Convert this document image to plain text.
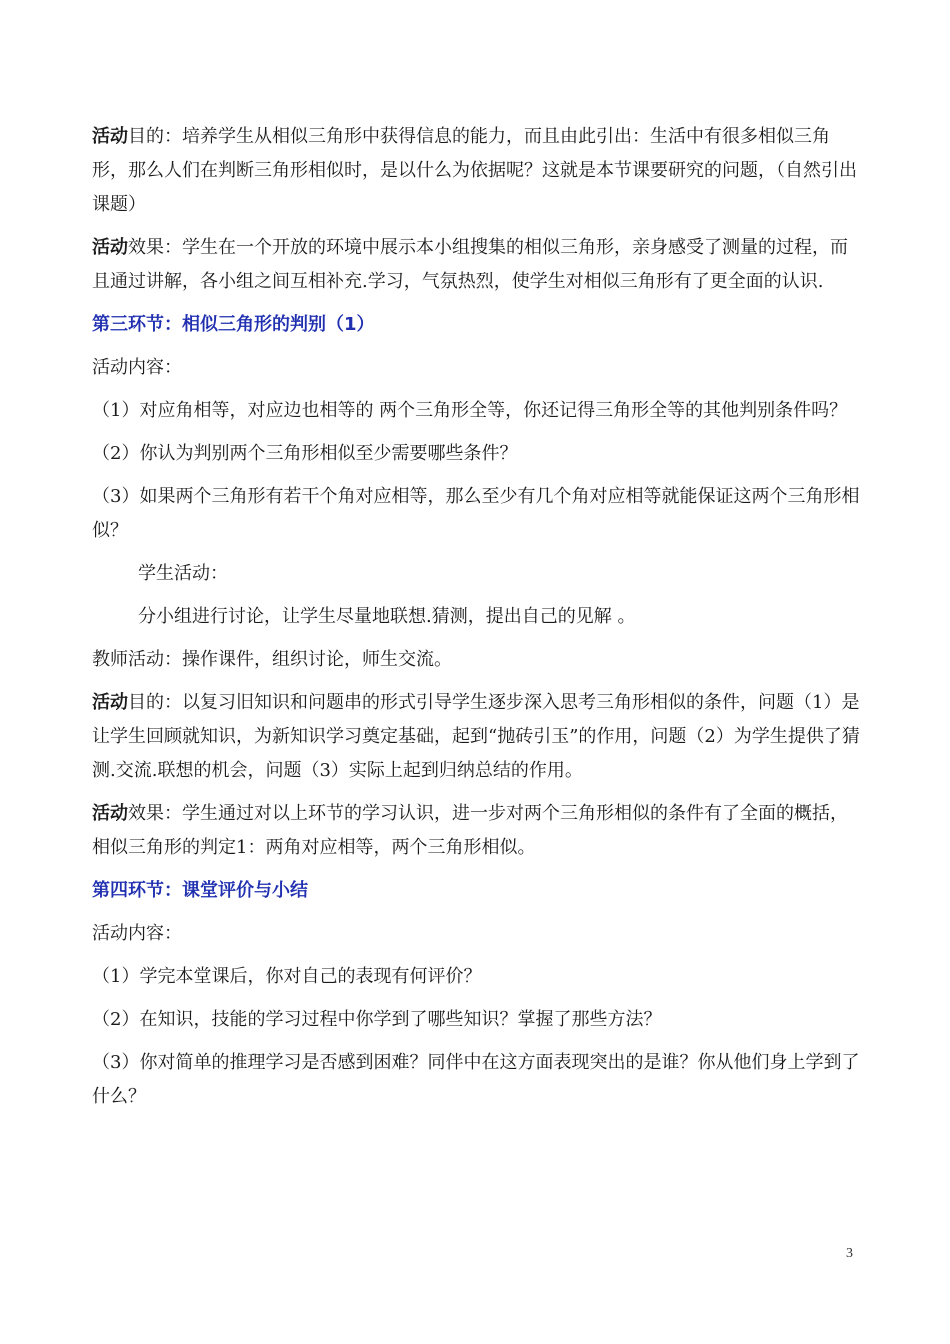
活动目的：培养学生从相似三角形中获得信息的能力，而且由此引出：生活中有很多相似三角形，那么人们在判断三角形相似时，是以什么为依据呢？这就是本节课要研究的问题，（自然引出课题）

活动效果：学生在一个开放的环境中展示本小组搜集的相似三角形，亲身感受了测量的过程，而且通过讲解，各小组之间互相补充.学习，气氛热烈，使学生对相似三角形有了更全面的认识.

第三环节：相似三角形的判别（1）

活动内容：

（1）对应角相等，对应边也相等的 两个三角形全等，你还记得三角形全等的其他判别条件吗？

（2）你认为判别两个三角形相似至少需要哪些条件？

（3）如果两个三角形有若干个角对应相等，那么至少有几个角对应相等就能保证这两个三角形相似？

学生活动：

分小组进行讨论，让学生尽量地联想.猜测，提出自己的见解 。

教师活动：操作课件，组织讨论，师生交流。

活动目的：以复习旧知识和问题串的形式引导学生逐步深入思考三角形相似的条件，问题（1）是让学生回顾就知识，为新知识学习奠定基础，起到“抛砖引玉”的作用，问题（2）为学生提供了猜测.交流.联想的机会，问题（3）实际上起到归纳总结的作用。

活动效果：学生通过对以上环节的学习认识，进一步对两个三角形相似的条件有了全面的概括，相似三角形的判定1：两角对应相等，两个三角形相似。

第四环节：课堂评价与小结

活动内容：

（1）学完本堂课后，你对自己的表现有何评价？

（2）在知识，技能的学习过程中你学到了哪些知识？掌握了那些方法？

（3）你对简单的推理学习是否感到困难？同伴中在这方面表现突出的是谁？你从他们身上学到了什么？

3
